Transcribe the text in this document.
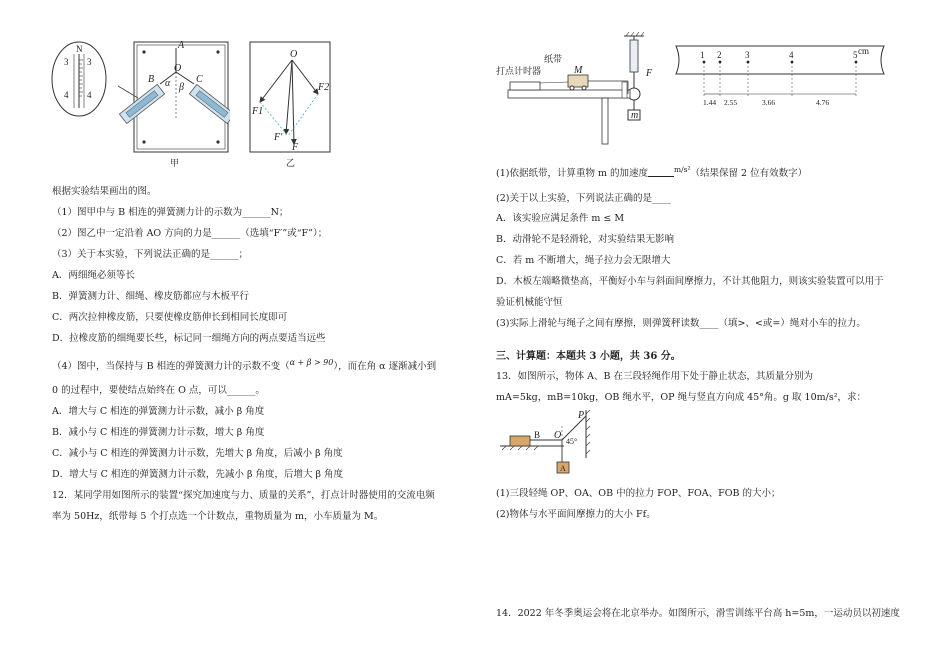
N
3 3
4 4
A
O
B	C
α β
甲
O
F1
F2
F′
F
乙
根据实验结果画出的图。
（1）图甲中与 B 相连的弹簧测力计的示数为______N；
（2）图乙中一定沿着 AO 方向的力是______（选填“F′”或“F”）；
（3）关于本实验，下列说法正确的是______；
A．两细绳必须等长
B．弹簧测力计、细绳、橡皮筋都应与木板平行
C．两次拉伸橡皮筋，只要使橡皮筋伸长到相同长度即可
D．拉橡皮筋的细绳要长些，标记同一细绳方向的两点要适当远些
（4）图中，当保持与 B 相连的弹簧测力计的示数不变（$^{\alpha + \beta > 90}$），而在角 α 逐渐减小到
0 的过程中，要使结点始终在 O 点，可以______。
A．增大与 C 相连的弹簧测力计示数，减小 β 角度
B．减小与 C 相连的弹簧测力计示数，增大 β 角度
C．减小与 C 相连的弹簧测力计示数，先增大 β 角度，后减小 β 角度
D．增大与 C 相连的弹簧测力计示数，先减小 β 角度，后增大 β 角度
12．某同学用如图所示的装置“探究加速度与力、质量的关系”，打点计时器使用的交流电频
率为 50Hz，纸带每 5 个打点选一个计数点，重物质量为 m，小车质量为 M。
打点计时器
纸带
M	F
m
1 2	3	4	5 cm
1.44 2.55	3.66	4.76
(1)依据纸带，计算重物 m 的加速度	$^{m/s^2}$（结果保留 2 位有效数字）
(2)关于以上实验，下列说法正确的是____
A．该实验应满足条件 m ≤ M
B．动滑轮不是轻滑轮，对实验结果无影响
C．若 m 不断增大，绳子拉力会无限增大
D．木板左端略微垫高，平衡好小车与斜面间摩擦力，不计其他阻力，则该实验装置可以用于
验证机械能守恒
(3)实际上滑轮与绳子之间有摩擦，则弹簧秤读数____（填>、<或=）绳对小车的拉力。
三、计算题：本题共 3 小题，共 36 分。
13．如图所示，物体 A、B 在三段轻绳作用下处于静止状态，其质量分别为
mA=5kg，mB=10kg，OB 绳水平，OP 绳与竖直方向成 45°角。g 取 10m/s²，求：
P
B O
45°
A
(1)三段轻绳 OP、OA、OB 中的拉力 FOP、FOA、FOB 的大小；
(2)物体与水平面间摩擦力的大小 Ff。
14．2022 年冬季奥运会将在北京举办。如图所示，滑雪训练平台高 h=5m，一运动员以初速度
